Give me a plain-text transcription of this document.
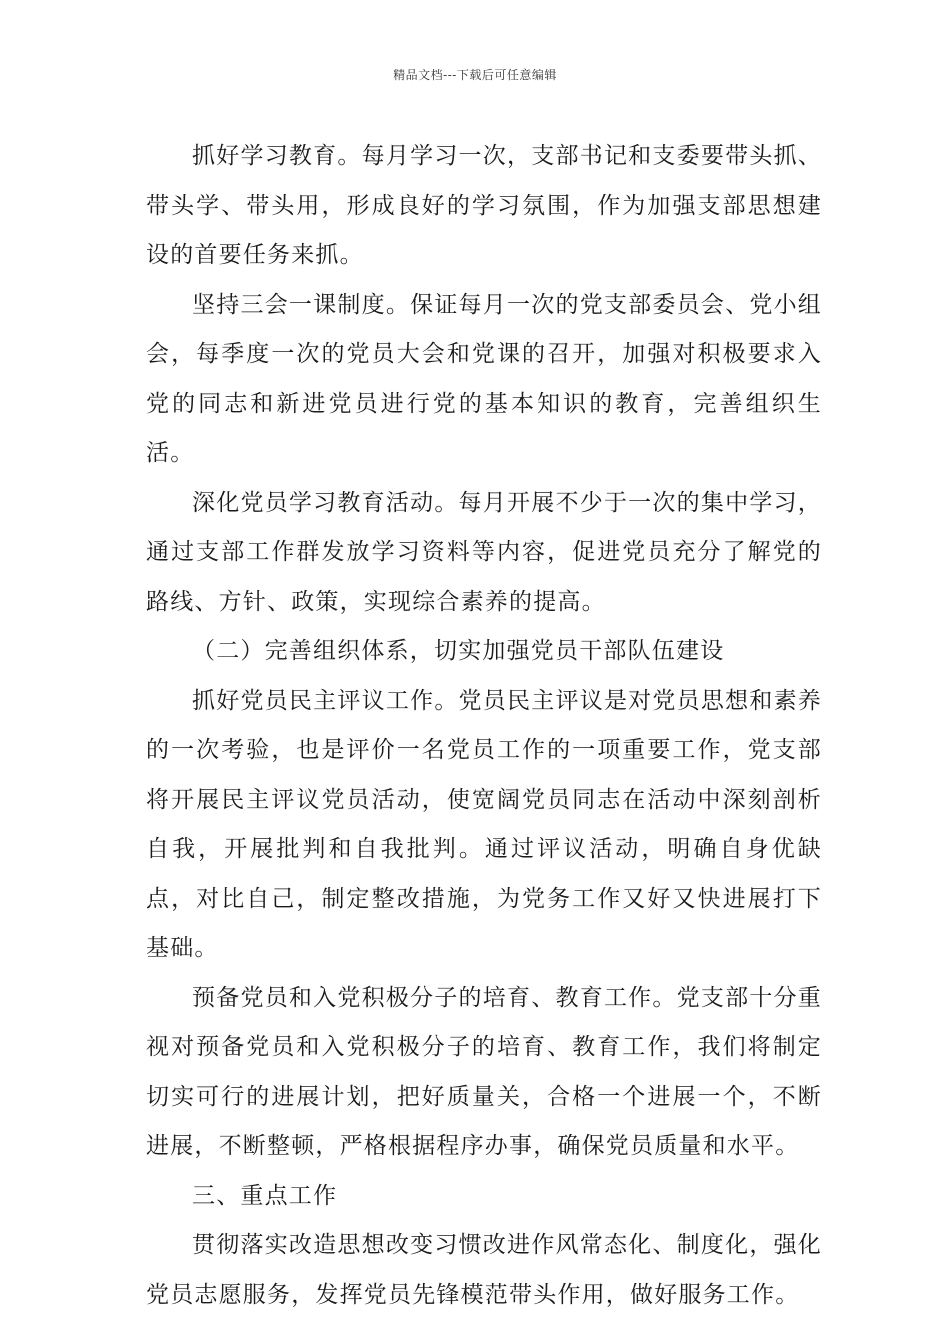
精品文档---下载后可任意编辑

抓好学习教育。每月学习一次，支部书记和支委要带头抓、带头学、带头用，形成良好的学习氛围，作为加强支部思想建设的首要任务来抓。

坚持三会一课制度。保证每月一次的党支部委员会、党小组会，每季度一次的党员大会和党课的召开，加强对积极要求入党的同志和新进党员进行党的基本知识的教育，完善组织生活。

深化党员学习教育活动。每月开展不少于一次的集中学习，通过支部工作群发放学习资料等内容，促进党员充分了解党的路线、方针、政策，实现综合素养的提高。

（二）完善组织体系，切实加强党员干部队伍建设

抓好党员民主评议工作。党员民主评议是对党员思想和素养的一次考验，也是评价一名党员工作的一项重要工作，党支部将开展民主评议党员活动，使宽阔党员同志在活动中深刻剖析自我，开展批判和自我批判。通过评议活动，明确自身优缺点，对比自己，制定整改措施，为党务工作又好又快进展打下基础。

预备党员和入党积极分子的培育、教育工作。党支部十分重视对预备党员和入党积极分子的培育、教育工作，我们将制定切实可行的进展计划，把好质量关，合格一个进展一个，不断进展，不断整顿，严格根据程序办事，确保党员质量和水平。

三、重点工作

贯彻落实改造思想改变习惯改进作风常态化、制度化，强化党员志愿服务，发挥党员先锋模范带头作用，做好服务工作。
